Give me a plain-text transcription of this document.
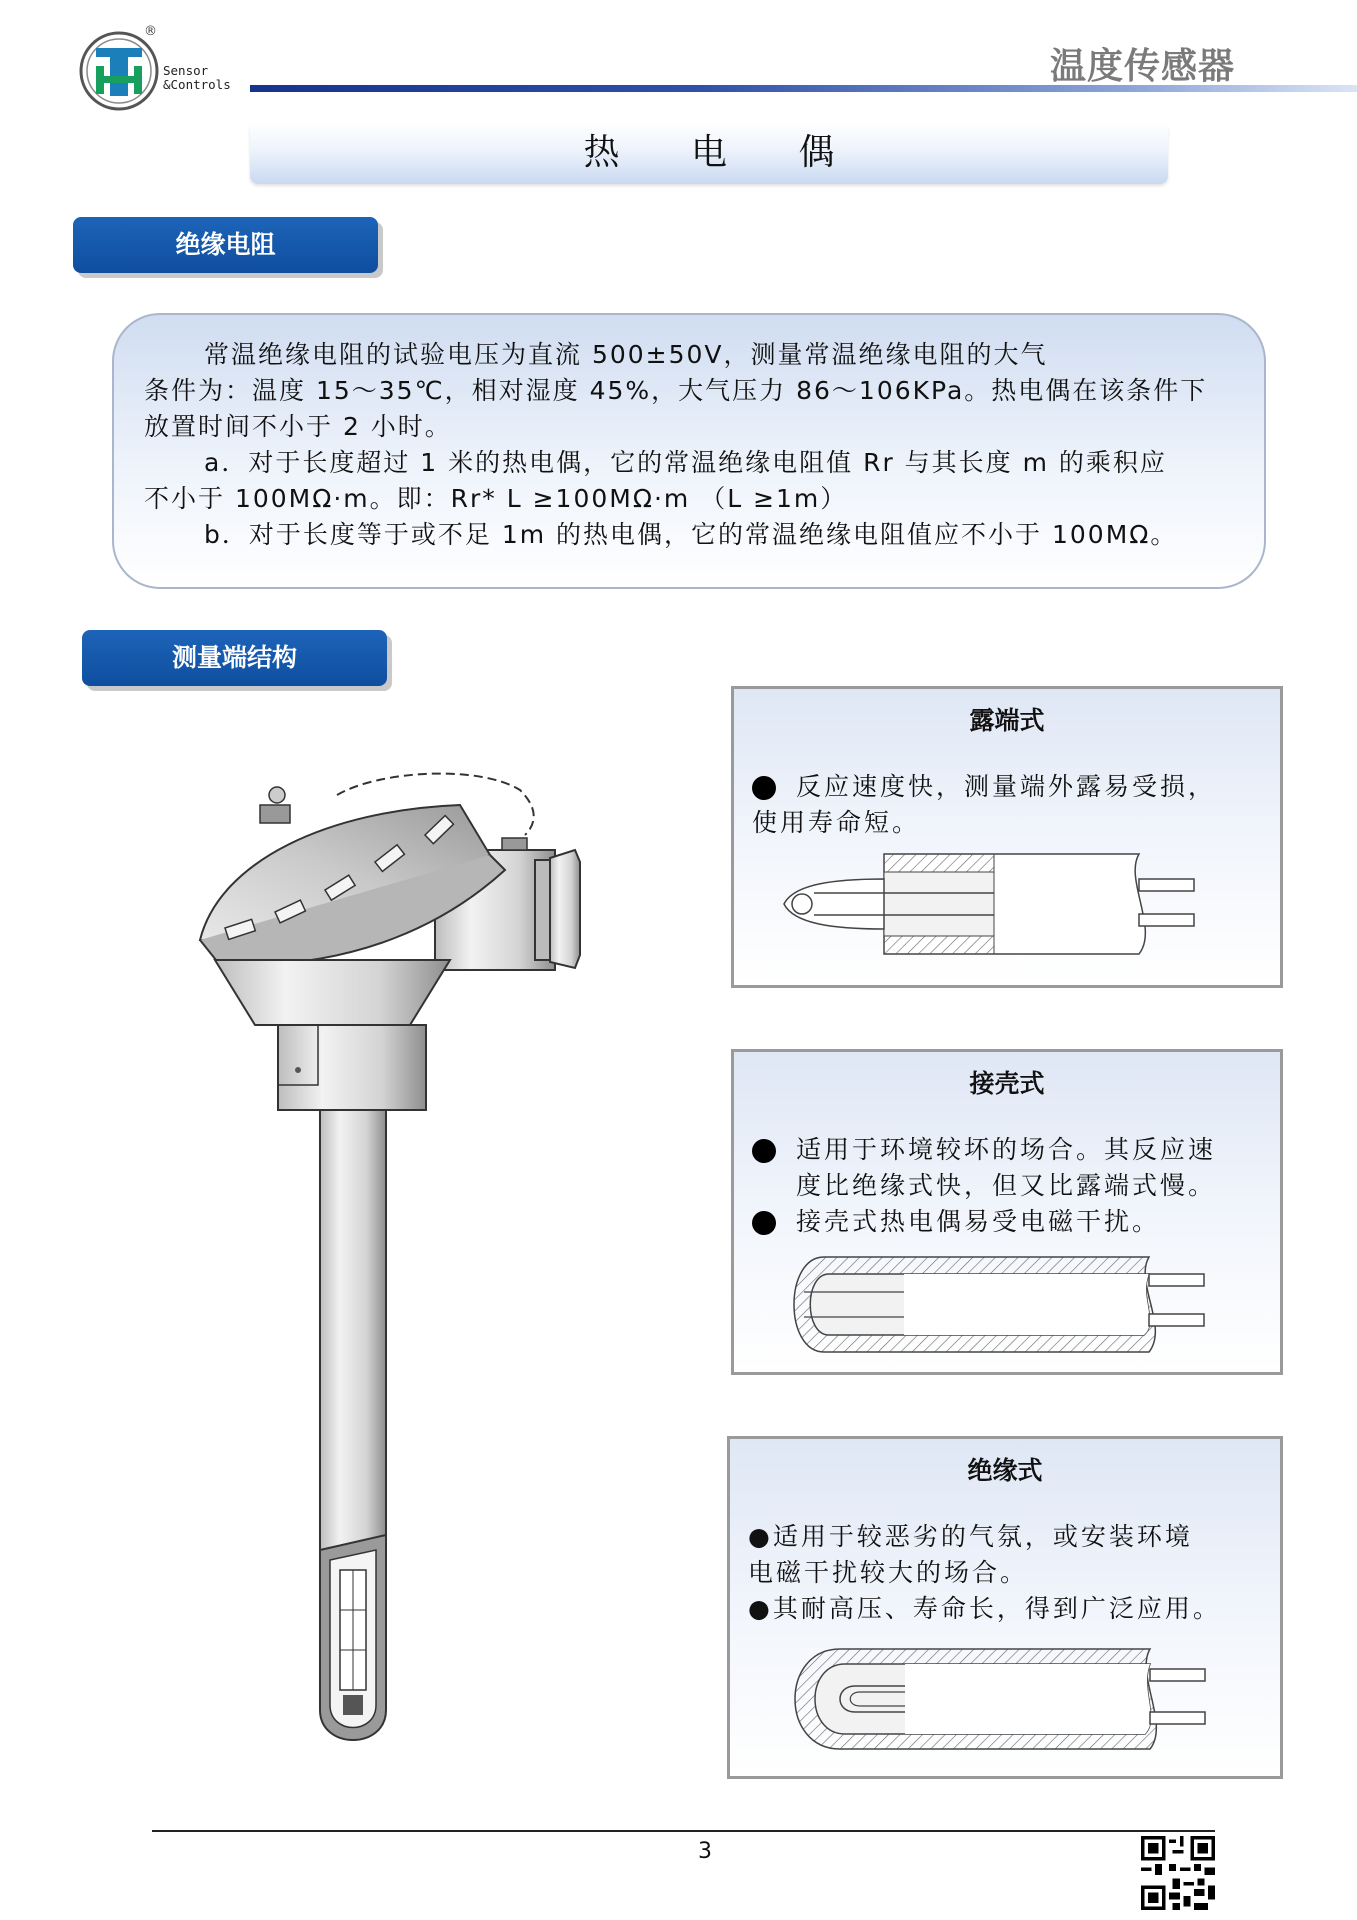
®
Sensor
&Controls	温度传感器
热 电 偶
绝缘电阻
常温绝缘电阻的试验电压为直流 500±50V，测量常温绝缘电阻的大气
条件为：温度 15～35℃，相对湿度 45%，大气压力 86～106KPa。热电偶在该条件下
放置时间不小于 2 小时。
a．对于长度超过 1 米的热电偶，它的常温绝缘电阻值 Rr 与其长度 m 的乘积应
不小于 100MΩ·m。即：Rr* L ≥100MΩ·m （L ≥1m）
b．对于长度等于或不足 1m 的热电偶，它的常温绝缘电阻值应不小于 100MΩ。
测量端结构
露端式
反应速度快，测量端外露易受损，
使用寿命短。
接壳式
适用于环境较坏的场合。其反应速
度比绝缘式快，但又比露端式慢。
接壳式热电偶易受电磁干扰。
绝缘式
●适用于较恶劣的气氛，或安装环境
电磁干扰较大的场合。
●其耐高压、寿命长，得到广泛应用。
3
